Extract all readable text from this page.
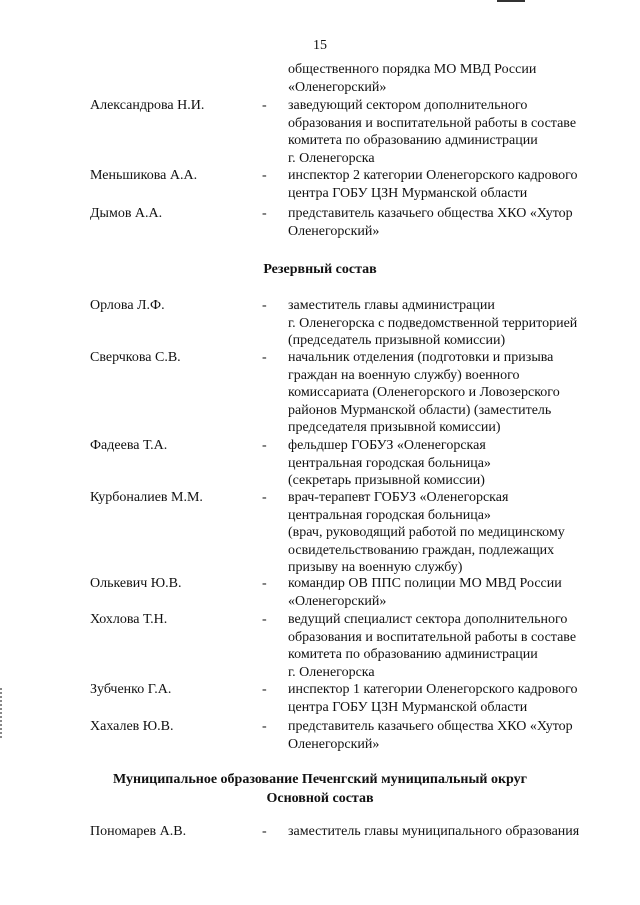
15
общественного порядка МО МВД России
«Оленегорский»
Александрова Н.И.	- заведующий сектором дополнительного
образования и воспитательной работы в составе
комитета по образованию администрации
г. Оленегорска
Меньшикова А.А.	- инспектор 2 категории Оленегорского кадрового
центра ГОБУ ЦЗН Мурманской области
Дымов А.А.	- представитель казачьего общества ХКО «Хутор
Оленегорский»
Резервный состав
Орлова Л.Ф.	- заместитель главы администрации
г. Оленегорска с подведомственной территорией
(председатель призывной комиссии)
Сверчкова С.В.	- начальник отделения (подготовки и призыва
граждан на военную службу) военного
комиссариата (Оленегорского и Ловозерского
районов Мурманской области) (заместитель
председателя призывной комиссии)
Фадеева Т.А.	- фельдшер ГОБУЗ «Оленегорская
центральная городская больница»
(секретарь призывной комиссии)
Курбоналиев М.М.	- врач-терапевт ГОБУЗ «Оленегорская
центральная городская больница»
(врач, руководящий работой по медицинскому
освидетельствованию граждан, подлежащих
призыву на военную службу)
Олькевич Ю.В.	- командир ОВ ППС полиции МО МВД России
«Оленегорский»
Хохлова Т.Н.	- ведущий специалист сектора дополнительного
образования и воспитательной работы в составе
комитета по образованию администрации
г. Оленегорска
Зубченко Г.А.	- инспектор 1 категории Оленегорского кадрового
центра ГОБУ ЦЗН Мурманской области
Хахалев Ю.В.	- представитель казачьего общества ХКО «Хутор
Оленегорский»
Муниципальное образование Печенгский муниципальный округ
Основной состав
Пономарев А.В.	- заместитель главы муниципального образования
